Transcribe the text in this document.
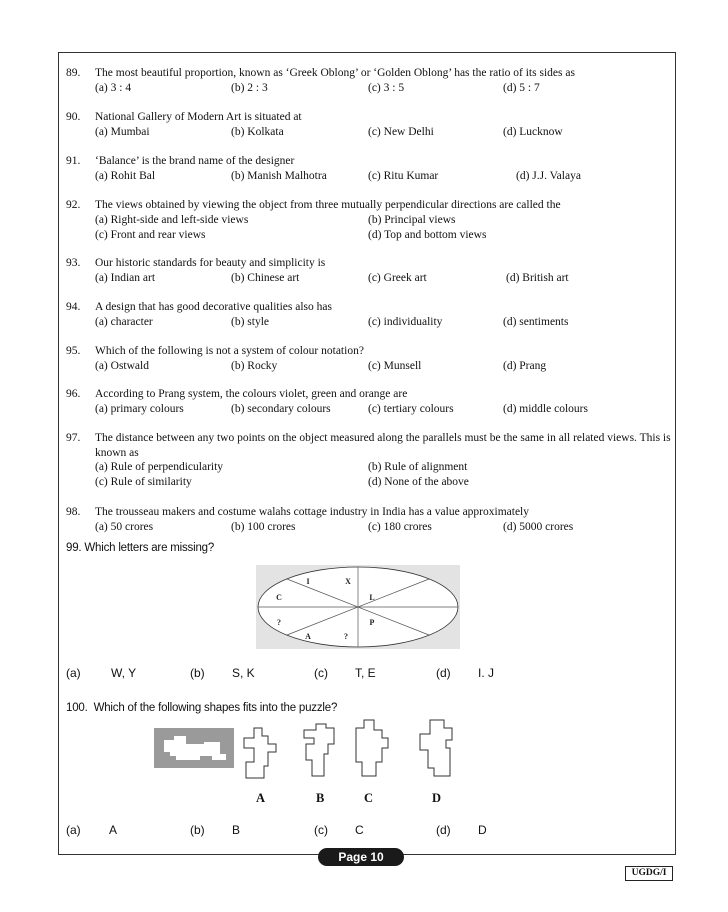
89. The most beautiful proportion, known as ‘Greek Oblong’ or ‘Golden Oblong’ has the ratio of its sides as
(a) 3 : 4	(b) 2 : 3	(c) 3 : 5	(d) 5 : 7
90. National Gallery of Modern Art is situated at
(a) Mumbai	(b) Kolkata	(c) New Delhi	(d) Lucknow
91. ‘Balance’ is the brand name of the designer
(a) Rohit Bal	(b) Manish Malhotra	(c) Ritu Kumar	(d) J.J. Valaya
92. The views obtained by viewing the object from three mutually perpendicular directions are called the
(a) Right-side and left-side views	(b) Principal views
(c) Front and rear views	(d) Top and bottom views
93. Our historic standards for beauty and simplicity is
(a) Indian art	(b) Chinese art	(c) Greek art	(d) British art
94. A design that has good decorative qualities also has
(a) character	(b) style	(c) individuality	(d) sentiments
95. Which of the following is not a system of colour notation?
(a) Ostwald	(b) Rocky	(c) Munsell	(d) Prang
96. According to Prang system, the colours violet, green and orange are
(a) primary colours	(b) secondary colours	(c) tertiary colours	(d) middle colours
97. The distance between any two points on the object measured along the parallels must be the same in all related views. This is known as
(a) Rule of perpendicularity	(b) Rule of alignment
(c) Rule of similarity	(d) None of the above
98. The trousseau makers and costume walahs cottage industry in India has a value approximately
(a) 50 crores	(b) 100 crores	(c) 180 crores	(d) 5000 crores
99. Which letters are missing?
I	X
C	L
?	P
A	?
(a)	W, Y	(b) S, K	(c) T, E	(d) I. J
100.  Which of the following shapes fits into the puzzle?
A	B	C	D
(a) A	(b) B	(c) C	(d) D
Page 10
UGDG/I
